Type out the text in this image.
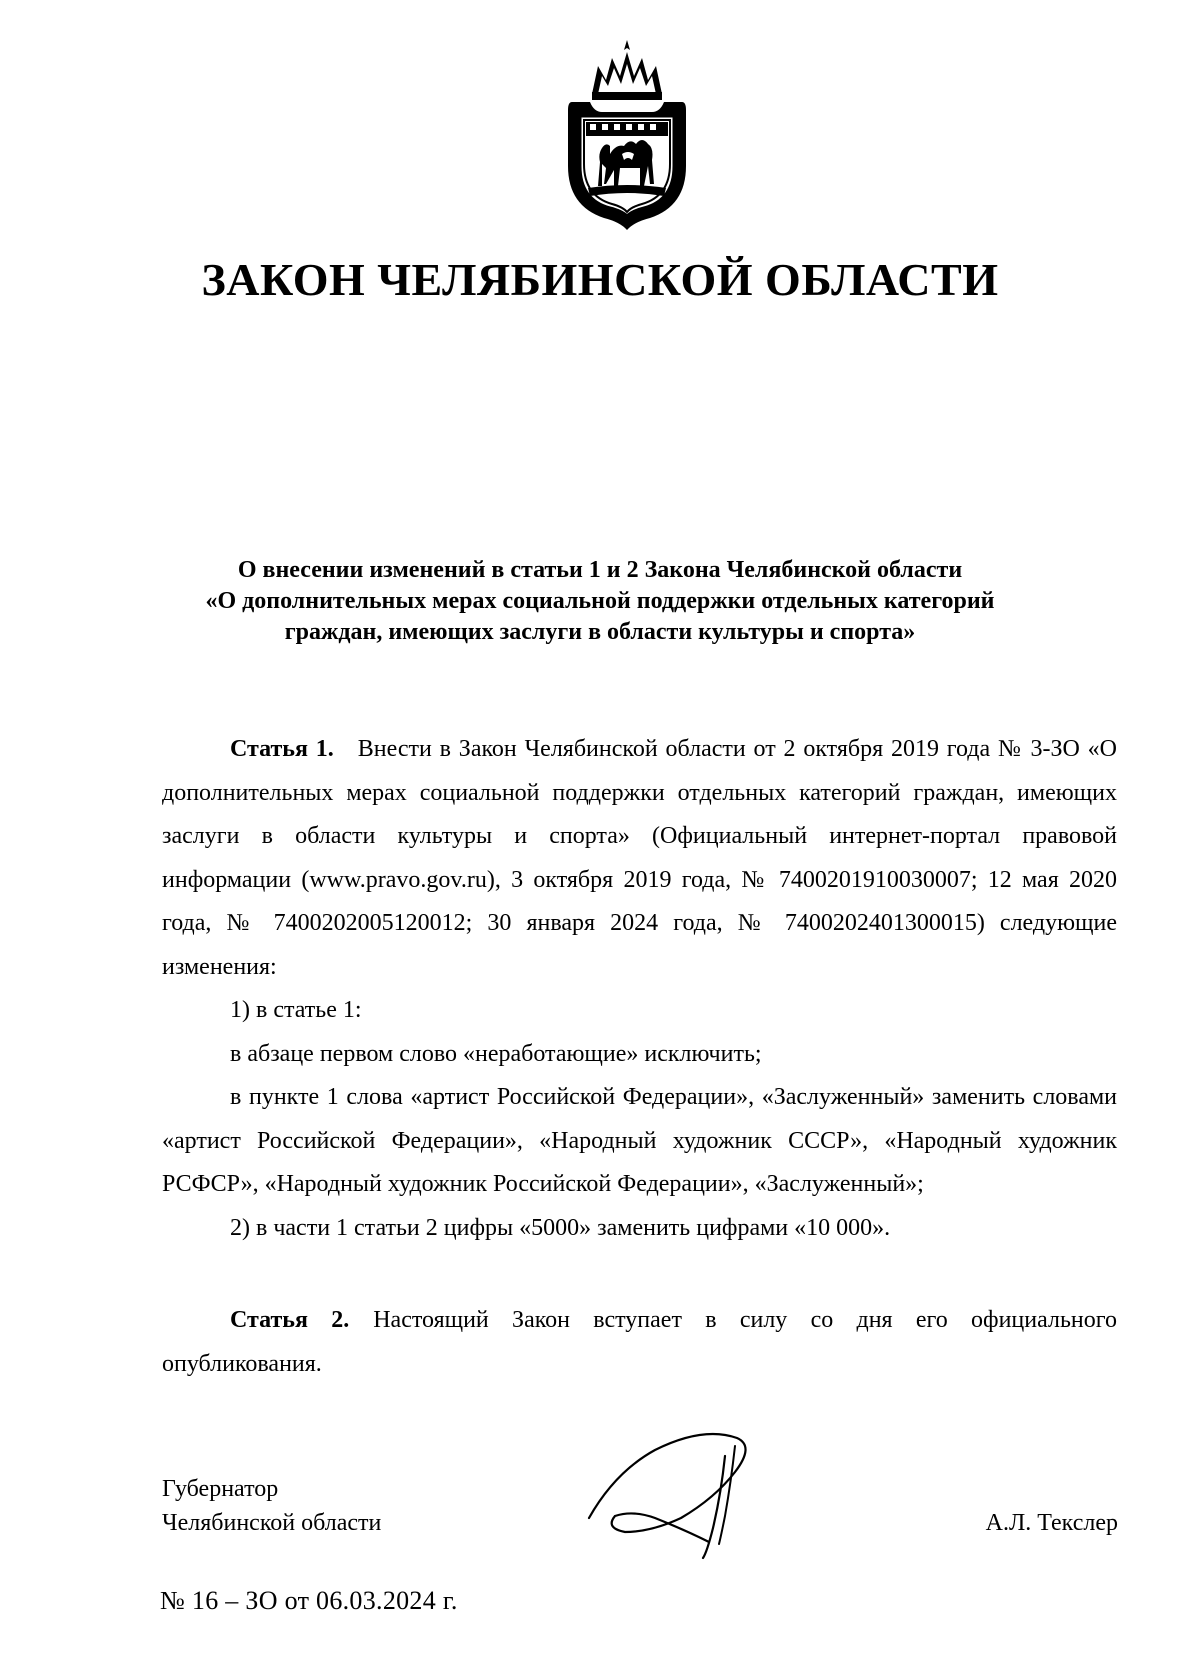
ЗАКОН ЧЕЛЯБИНСКОЙ ОБЛАСТИ
О внесении изменений в статьи 1 и 2 Закона Челябинской области
«О дополнительных мерах социальной поддержки отдельных категорий
граждан, имеющих заслуги в области культуры и спорта»

Статья 1. Внести в Закон Челябинской области от 2 октября 2019 года № 3-ЗО «О дополнительных мерах социальной поддержки отдельных категорий граждан, имеющих заслуги в области культуры и спорта» (Официальный интернет-портал правовой информации (www.pravo.gov.ru), 3 октября 2019 года, № 7400201910030007; 12 мая 2020 года, № 7400202005120012; 30 января 2024 года, № 7400202401300015) следующие изменения:

1) в статье 1:

в абзаце первом слово «неработающие» исключить;

в пункте 1 слова «артист Российской Федерации», «Заслуженный» заменить словами «артист Российской Федерации», «Народный художник СССР», «Народный художник РСФСР», «Народный художник Российской Федерации», «Заслуженный»;

2) в части 1 статьи 2 цифры «5000» заменить цифрами «10 000».

Статья 2. Настоящий Закон вступает в силу со дня его официального опубликования.

Губернатор
Челябинской области	А.Л. Текслер
№ 16 – ЗО от 06.03.2024 г.
